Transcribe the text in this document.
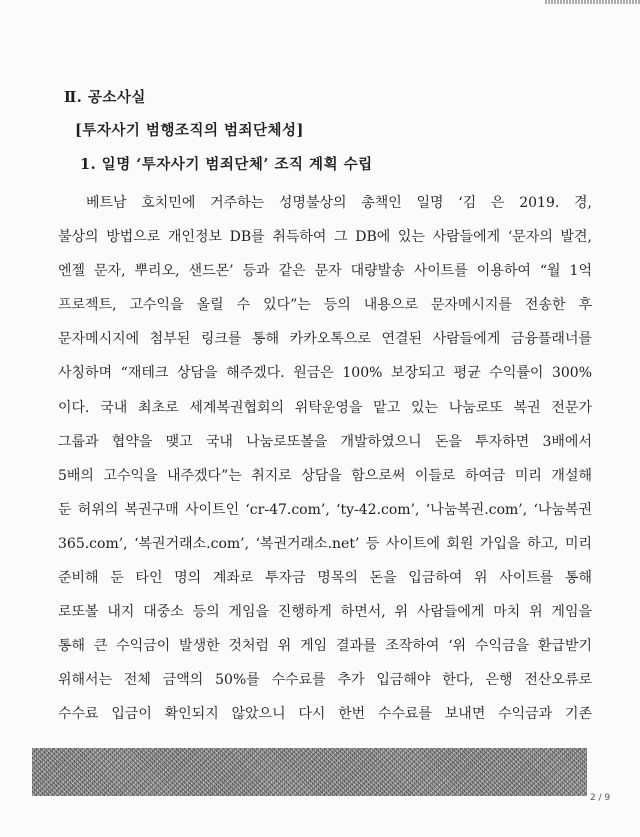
Ⅱ. 공소사실
[투자사기 범행조직의 범죄단체성]
1. 일명 ‘투자사기 범죄단체’ 조직 계획 수립
베트남 호치민에 거주하는 성명불상의 총책인 일명 ‘김 은 2019. 경,
불상의 방법으로 개인정보 DB를 취득하여 그 DB에 있는 사람들에게 ‘문자의 발견,
엔젤 문자, 뿌리오, 샌드몬’ 등과 같은 문자 대량발송 사이트를 이용하여 “월 1억
프로젝트, 고수익을 올릴 수 있다”는 등의 내용으로 문자메시지를 전송한 후
문자메시지에 첨부된 링크를 통해 카카오톡으로 연결된 사람들에게 금융플래너를
사칭하며 “재테크 상담을 해주겠다. 원금은 100% 보장되고 평균 수익률이 300%
이다. 국내 최초로 세계복권협회의 위탁운영을 맡고 있는 나눔로또 복권 전문가
그룹과 협약을 맺고 국내 나눔로또볼을 개발하였으니 돈을 투자하면 3배에서
5배의 고수익을 내주겠다”는 취지로 상담을 함으로써 이들로 하여금 미리 개설해
둔 허위의 복권구매 사이트인 ‘cr-47.com’, ‘ty-42.com’, ‘나눔복권.com’, ‘나눔복권
365.com’, ‘복권거래소.com’, ‘복권거래소.net’ 등 사이트에 회원 가입을 하고, 미리
준비해 둔 타인 명의 계좌로 투자금 명목의 돈을 입금하여 위 사이트를 통해
로또볼 내지 대중소 등의 게임을 진행하게 하면서, 위 사람들에게 마치 위 게임을
통해 큰 수익금이 발생한 것처럼 위 게임 결과를 조작하여 ‘위 수익금을 환급받기
위해서는 전체 금액의 50%를 수수료를 추가 입금해야 한다, 은행 전산오류로
수수료 입금이 확인되지 않았으니 다시 한번 수수료를 보내면 수익금과 기존
2 / 9
